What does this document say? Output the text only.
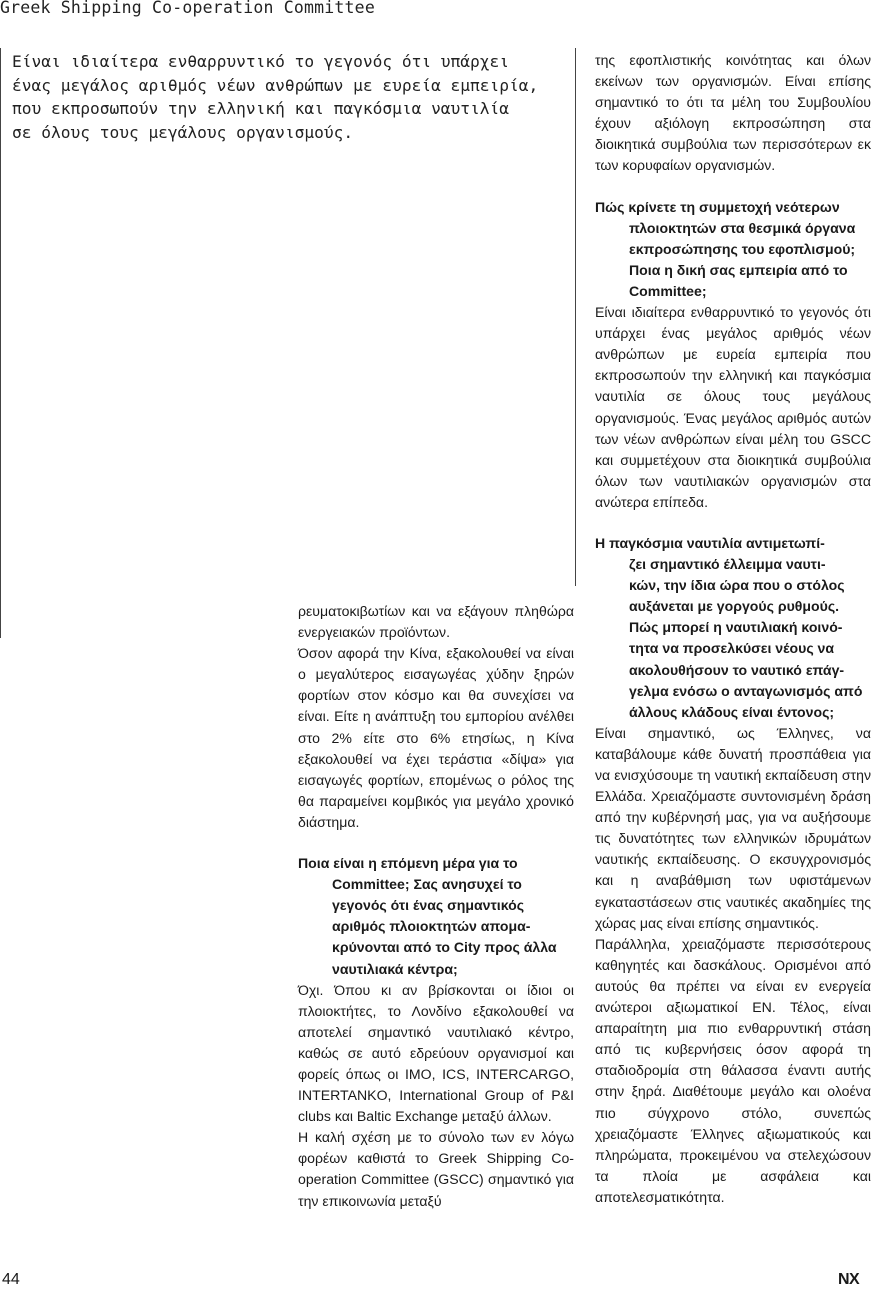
Greek Shipping Co-operation Committee
Είναι ιδιαίτερα ενθαρρυντικό το γεγονός ότι υπάρχει
ένας μεγάλος αριθμός νέων ανθρώπων με ευρεία εμπειρία,
που εκπροσωπούν την ελληνική και παγκόσμια ναυτιλία
σε όλους τους μεγάλους οργανισμούς.

ρευματοκιβωτίων και να εξάγουν πληθώρα ενεργειακών προϊόντων.

Όσον αφορά την Κίνα, εξακολουθεί να είναι ο μεγαλύτερος εισαγωγέας χύδην ξηρών φορτίων στον κόσμο και θα συνεχίσει να είναι. Είτε η ανάπτυξη του εμπορίου ανέλθει στο 2% είτε στο 6% ετησίως, η Κίνα εξακολουθεί να έχει τεράστια «δίψα» για εισαγωγές φορτίων, επομένως ο ρόλος της θα παραμείνει κομβικός για μεγάλο χρονικό διάστημα.

Ποια είναι η επόμενη μέρα για το
Committee; Σας ανησυχεί το
γεγονός ότι ένας σημαντικός
αριθμός πλοιοκτητών απομα-
κρύνονται από το City προς άλλα
ναυτιλιακά κέντρα;

Όχι. Όπου κι αν βρίσκονται οι ίδιοι οι πλοιοκτήτες, το Λονδίνο εξακολουθεί να αποτελεί σημαντικό ναυτιλιακό κέντρο, καθώς σε αυτό εδρεύουν οργανισμοί και φορείς όπως οι IMO, ICS, INTERCARGO, INTERTANKO, International Group of P&I clubs και Baltic Exchange μεταξύ άλλων.

Η καλή σχέση με το σύνολο των εν λόγω φορέων καθιστά το Greek Shipping Co-operation Committee (GSCC) σημαντικό για την επικοινωνία μεταξύ

της εφοπλιστικής κοινότητας και όλων εκείνων των οργανισμών. Είναι επίσης σημαντικό το ότι τα μέλη του Συμβουλίου έχουν αξιόλογη εκπροσώπηση στα διοικητικά συμβούλια των περισσότερων εκ των κορυφαίων οργανισμών.

Πώς κρίνετε τη συμμετοχή νεότερων
πλοιοκτητών στα θεσμικά όργανα
εκπροσώπησης του εφοπλισμού;
Ποια η δική σας εμπειρία από το
Committee;

Είναι ιδιαίτερα ενθαρρυντικό το γεγονός ότι υπάρχει ένας μεγάλος αριθμός νέων ανθρώπων με ευρεία εμπειρία που εκπροσωπούν την ελληνική και παγκόσμια ναυτιλία σε όλους τους μεγάλους οργανισμούς. Ένας μεγάλος αριθμός αυτών των νέων ανθρώπων είναι μέλη του GSCC και συμμετέχουν στα διοικητικά συμβούλια όλων των ναυτιλιακών οργανισμών στα ανώτερα επίπεδα.

Η παγκόσμια ναυτιλία αντιμετωπί-
ζει σημαντικό έλλειμμα ναυτι-
κών, την ίδια ώρα που ο στόλος
αυξάνεται με γοργούς ρυθμούς.
Πώς μπορεί η ναυτιλιακή κοινό-
τητα να προσελκύσει νέους να
ακολουθήσουν το ναυτικό επάγ-
γελμα ενόσω ο ανταγωνισμός από
άλλους κλάδους είναι έντονος;

Είναι σημαντικό, ως Έλληνες, να καταβάλουμε κάθε δυνατή προσπάθεια για να ενισχύσουμε τη ναυτική εκπαίδευση στην Ελλάδα. Χρειαζόμαστε συντονισμένη δράση από την κυβέρνησή μας, για να αυξήσουμε τις δυνατότητες των ελληνικών ιδρυμάτων ναυτικής εκπαίδευσης. Ο εκσυγχρονισμός και η αναβάθμιση των υφιστάμενων εγκαταστάσεων στις ναυτικές ακαδημίες της χώρας μας είναι επίσης σημαντικός.

Παράλληλα, χρειαζόμαστε περισσότερους καθηγητές και δασκάλους. Ορισμένοι από αυτούς θα πρέπει να είναι εν ενεργεία ανώτεροι αξιωματικοί ΕΝ. Τέλος, είναι απαραίτητη μια πιο ενθαρρυντική στάση από τις κυβερνήσεις όσον αφορά τη σταδιοδρομία στη θάλασσα έναντι αυτής στην ξηρά. Διαθέτουμε μεγάλο και ολοένα πιο σύγχρονο στόλο, συνεπώς χρειαζόμαστε Έλληνες αξιωματικούς και πληρώματα, προκειμένου να στελεχώσουν τα πλοία με ασφάλεια και αποτελεσματικότητα.

44	NX
